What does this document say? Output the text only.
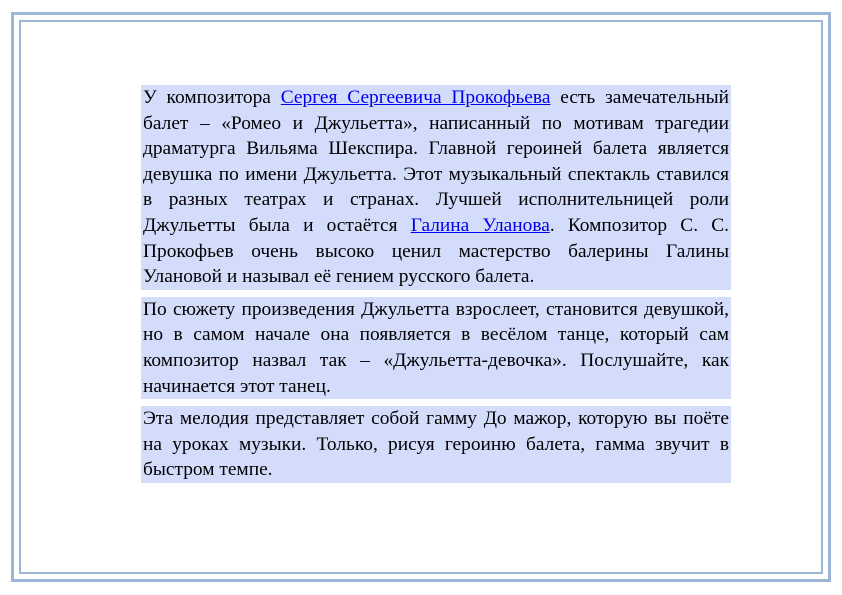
У композитора Сергея Сергеевича Прокофьева есть замечательный балет – «Ромео и Джульетта», написанный по мотивам трагедии драматурга Вильяма Шекспира. Главной героиней балета является девушка по имени Джульетта. Этот музыкальный спектакль ставился в разных театрах и странах. Лучшей исполнительницей роли Джульетты была и остаётся Галина Уланова. Композитор С. С. Прокофьев очень высоко ценил мастерство балерины Галины Улановой и называл её гением русского балета.

По сюжету произведения Джульетта взрослеет, становится девушкой, но в самом начале она появляется в весёлом танце, который сам композитор назвал так – «Джульетта-девочка». Послушайте, как начинается этот танец.

Эта мелодия представляет собой гамму До мажор, которую вы поёте на уроках музыки. Только, рисуя героиню балета, гамма звучит в быстром темпе.
